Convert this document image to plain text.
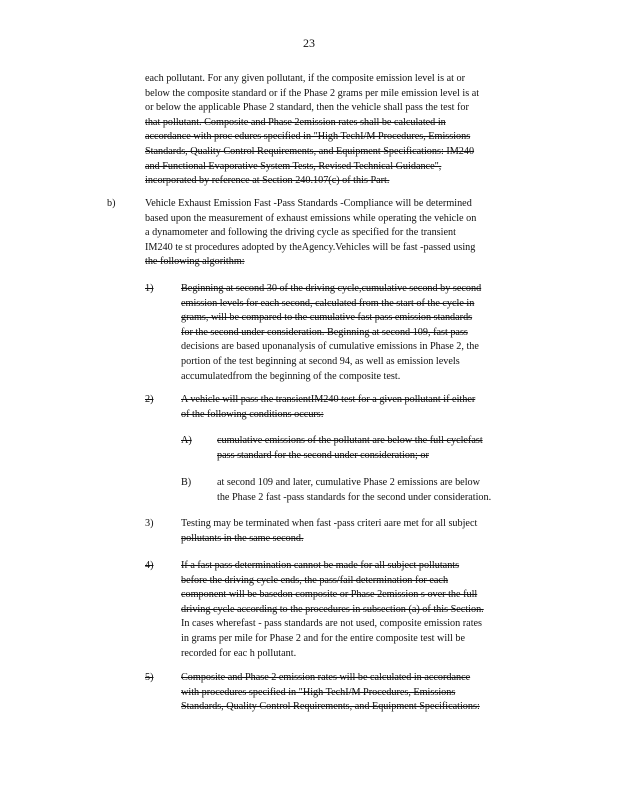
23
each pollutant. For any given pollutant, if the composite emission level is at or
below the composite standard or if the Phase 2 grams per mile emission level is at
or below the applicable Phase 2 standard, then the vehicle shall pass the test for
that pollutant. Composite and Phase 2emission rates shall be calculated in
accordance with proc edures specified in "High TechI/M Procedures, Emissions
Standards, Quality Control Requirements, and Equipment Specifications: IM240
and Functional Evaporative System Tests, Revised Technical Guidance",
incorporated by reference at Section 240.107(c) of this Part.
b)	Vehicle Exhaust Emission Fast -Pass Standards -Compliance will be determined
based upon the measurement of exhaust emissions while operating the vehicle on
a dynamometer and following the driving cycle as specified for the transient
IM240 te st procedures adopted by theAgency.Vehicles will be fast -passed using
the following algorithm:
1)	Beginning at second 30 of the driving cycle,cumulative second by second
emission levels for each second, calculated from the start of the cycle in
grams, will be compared to the cumulative fast pass emission standards
for the second under consideration. Beginning at second 109, fast pass
decisions are based uponanalysis of cumulative emissions in Phase 2, the
portion of the test beginning at second 94, as well as emission levels
accumulatedfrom the beginning of the composite test.
2)	A vehicle will pass the transientIM240 test for a given pollutant if either
of the following conditions occurs:
A) cumulative emissions of the pollutant are below the full cyclefast
pass standard for the second under consideration; or
B)	at second 109 and later, cumulative Phase 2 emissions are below
the Phase 2 fast -pass standards for the second under consideration.
3)	Testing may be terminated when fast -pass criteri aare met for all subject
pollutants in the same second.
4)	If a fast pass determination cannot be made for all subject pollutants
before the driving cycle ends, the pass/fail determination for each
component will be basedon composite or Phase 2emission s over the full
driving cycle according to the procedures in subsection (a) of this Section.
In cases wherefast - pass standards are not used, composite emission rates
in grams per mile for Phase 2 and for the entire composite test will be
recorded for eac h pollutant.
5)	Composite and Phase 2 emission rates will be calculated in accordance
with procedures specified in "High TechI/M Procedures, Emissions
Standards, Quality Control Requirements, and Equipment Specifications:
